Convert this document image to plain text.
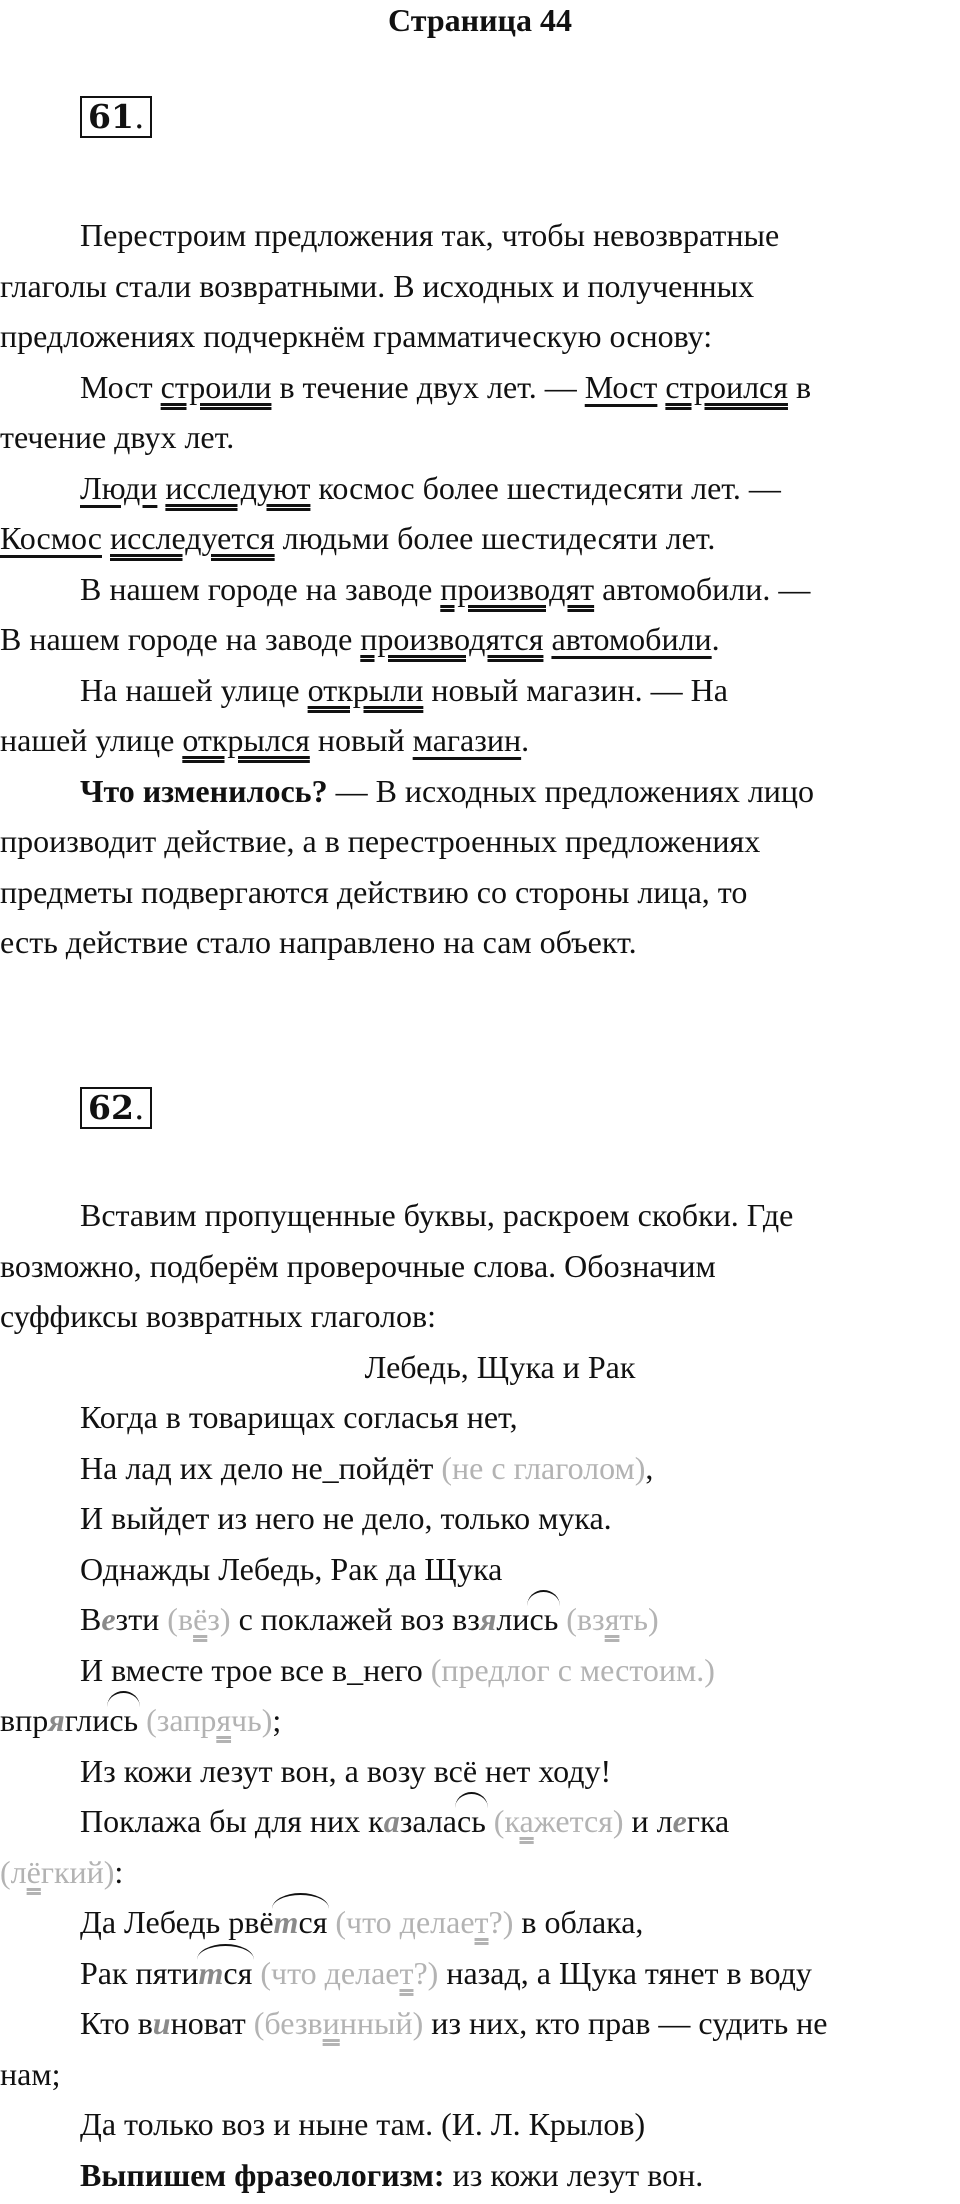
Страница 44
61.

Перестроим предложения так, чтобы невозвратные

глаголы стали возвратными. В исходных и полученных

предложениях подчеркнём грамматическую основу:

Мост строили в течение двух лет. — Мост строился в

течение двух лет.

Люди исследуют космос более шестидесяти лет. —

Космос исследуется людьми более шестидесяти лет.

В нашем городе на заводе производят автомобили. —

В нашем городе на заводе производятся автомобили.

На нашей улице открыли новый магазин. — На

нашей улице открылся новый магазин.

Что изменилось? — В исходных предложениях лицо

производит действие, а в перестроенных предложениях

предметы подвергаются действию со стороны лица, то

есть действие стало направлено на сам объект.

62.

Вставим пропущенные буквы, раскроем скобки. Где

возможно, подберём проверочные слова. Обозначим

суффиксы возвратных глаголов:

Лебедь, Щука и Рак

Когда в товарищах согласья нет,

На лад их дело не_пойдёт (не с глаголом),

И выйдет из него не дело, только мука.

Однажды Лебедь, Рак да Щука

Везти (вёз) с поклажей воз взялись (взять)

И вместе трое все в_него (предлог с местоим.)

впряглись (запрячь);

Из кожи лезут вон, а возу всё нет ходу!

Поклажа бы для них казалась (кажется) и легка

(лёгкий):

Да Лебедь рвётся (что делает?) в облака,

Рак пятится (что делает?) назад, а Щука тянет в воду

Кто виноват (безвинный) из них, кто прав — судить не

нам;

Да только воз и ныне там. (И. Л. Крылов)

Выпишем фразеологизм: из кожи лезут вон.
